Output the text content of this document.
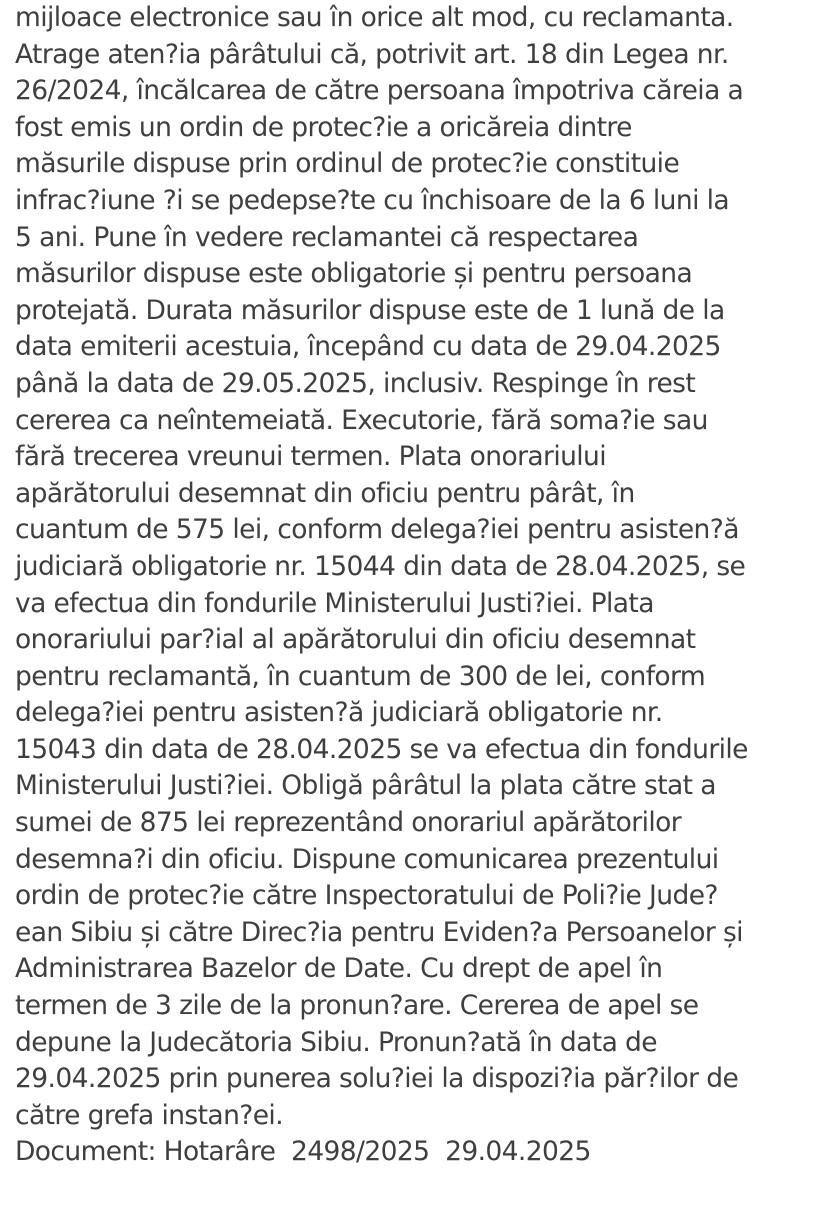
mijloace electronice sau în orice alt mod, cu reclamanta.
Atrage aten?ia pârâtului că, potrivit art. 18 din Legea nr.
26/2024, încălcarea de către persoana împotriva căreia a
fost emis un ordin de protec?ie a oricăreia dintre
măsurile dispuse prin ordinul de protec?ie constituie
infrac?iune ?i se pedepse?te cu închisoare de la 6 luni la
5 ani. Pune în vedere reclamantei că respectarea
măsurilor dispuse este obligatorie și pentru persoana
protejată. Durata măsurilor dispuse este de 1 lună de la
data emiterii acestuia, începând cu data de 29.04.2025
până la data de 29.05.2025, inclusiv. Respinge în rest
cererea ca neîntemeiată. Executorie, fără soma?ie sau
fără trecerea vreunui termen. Plata onorariului
apărătorului desemnat din oficiu pentru pârât, în
cuantum de 575 lei, conform delega?iei pentru asisten?ă
judiciară obligatorie nr. 15044 din data de 28.04.2025, se
va efectua din fondurile Ministerului Justi?iei. Plata
onorariului par?ial al apărătorului din oficiu desemnat
pentru reclamantă, în cuantum de 300 de lei, conform
delega?iei pentru asisten?ă judiciară obligatorie nr.
15043 din data de 28.04.2025 se va efectua din fondurile
Ministerului Justi?iei. Obligă pârâtul la plata către stat a
sumei de 875 lei reprezentând onorariul apărătorilor
desemna?i din oficiu. Dispune comunicarea prezentului
ordin de protec?ie către Inspectoratului de Poli?ie Jude?
ean Sibiu și către Direc?ia pentru Eviden?a Persoanelor și
Administrarea Bazelor de Date. Cu drept de apel în
termen de 3 zile de la pronun?are. Cererea de apel se
depune la Judecătoria Sibiu. Pronun?ată în data de
29.04.2025 prin punerea solu?iei la dispozi?ia păr?ilor de
către grefa instan?ei.
Document: Hotarâre  2498/2025  29.04.2025
